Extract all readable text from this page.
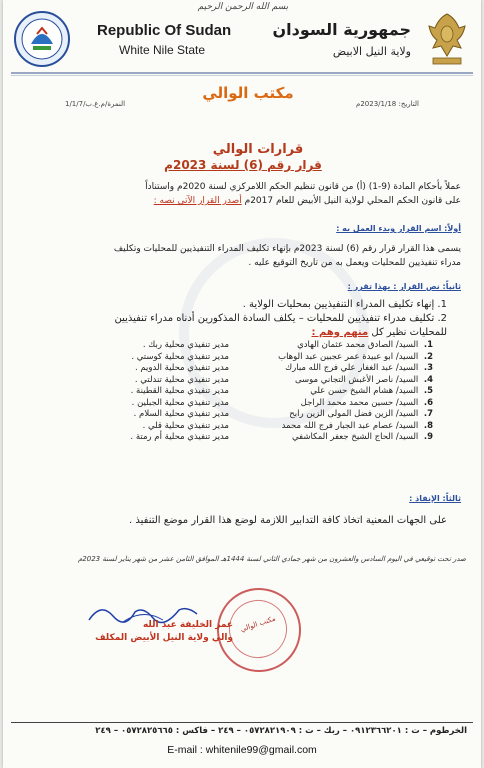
بسم الله الرحمن الرحيم
Republic Of Sudan
White Nile State
جمهورية السودان
ولاية النيل الابيض
مكتب الوالي
التاريخ: 2023/1/18م
النمرة/م.ع.ب/1/1/7
قرارات الوالي
قرار رقم (6) لسنة 2023م
عملاً بأحكام المادة (9-1) (أ) من قانون تنظيم الحكم اللامركزي لسنة 2020م واستناداً
على قانون الحكم المحلي لولاية النيل الأبيض للعام 2017م أصدر القرار الآتي نصه :
أولاً: اسم القرار وبدء العمل به :
يسمى هذا القرار قرار رقم (6) لسنة 2023م بإنهاء تكليف المدراء التنفيذيين للمحليات وتكليف
مدراء تنفيذيين للمحليات ويعمل به من تاريخ التوقيع عليه .
ثانياً: نص القرار : بهذا تقرر :
1. إنهاء تكليف المدراء التنفيذيين بمحليات الولاية .
2. تكليف مدراء تنفيذيين للمحليات – يكلف السادة المذكورين أدناه مدراء تنفيذيين
للمحليات نظير كل منهم وهم :
1. السيد/ الصادق محمد عثمان الهادي
2. السيد/ ابو عبيدة عمر عجبين عبد الوهاب
3. السيد/ عبد الغفار علي فرج الله مبارك
4. السيد/ ناصر الأغبش التجاني موسى
5. السيد/ هشام الشيخ حسن علي
6. السيد/ حسين محمد محمد الراجل
7. السيد/ الزين فضل المولى الزين رابح
8. السيد/ عصام عبد الجبار فرج الله محمد
9. السيد/ الحاج الشيخ جعفر المكاشفي
مدير تنفيذي محلية ربك .
مدير تنفيذي محلية كوستي .
مدير تنفيذي محلية الدويم .
مدير تنفيذي محلية تندلتي .
مدير تنفيذي محلية القطينة .
مدير تنفيذي محلية الجبلين .
مدير تنفيذي محلية السلام .
مدير تنفيذي محلية قلي .
مدير تنفيذي محلية أم رمتة .
ثالثاً: الإنفاذ :
على الجهات المعنية اتخاذ كافة التدابير اللازمة لوضع هذا القرار موضع التنفيذ .
صدر تحت توقيعي في اليوم السادس والعشرون من شهر جمادي الثاني لسنة 1444هـ الموافق الثامن عشر من شهر يناير لسنة 2023م
مكتب الوالي
عمر الخليفة عبد الله
والي ولاية النيل الأبيض المكلف
الخرطوم – ت : ٠٩١٢٣٦٦٢٠١ – ربك – ت : ٠٥٧٢٨٢١٩٠٩ – ٢٤٩ – فاكس : ٠٥٧٢٨٢٥٦٦٥ – ٢٤٩
E-mail : whitenile99@gmail.com
